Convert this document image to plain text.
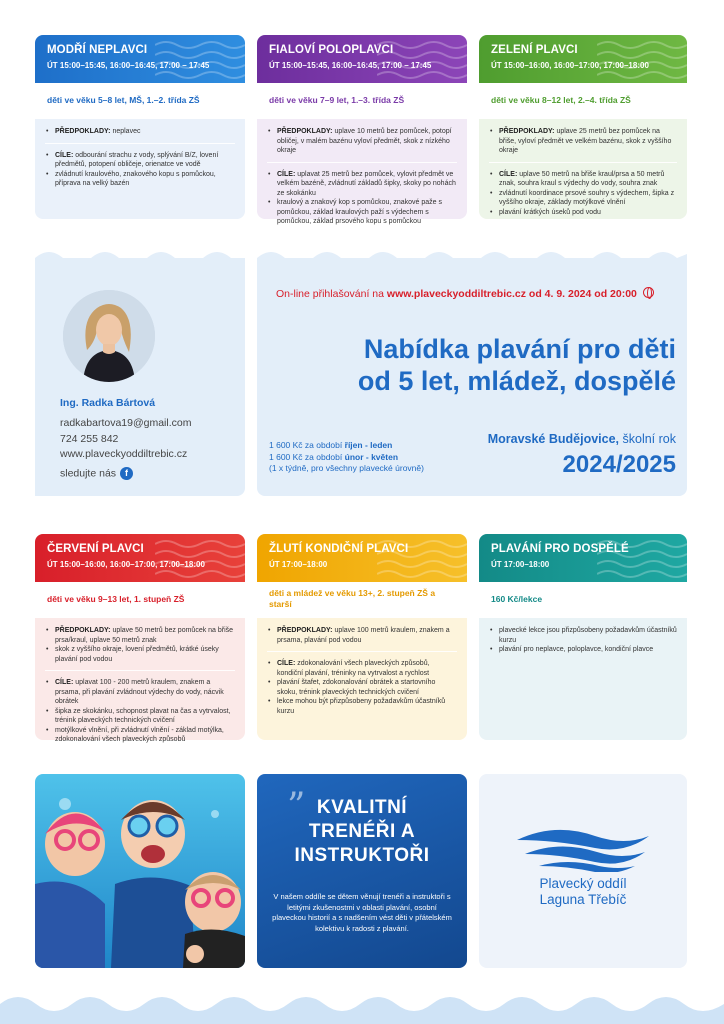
MODŘÍ NEPLAVCI
ÚT 15:00–15:45, 16:00–16:45, 17:00 – 17:45
děti ve věku 5–8 let, MŠ, 1.–2. třída ZŠ
• PŘEDPOKLADY: neplavec
• CÍLE: odbourání strachu z vody, splývání B/Z, lovení předmětů, potopení obličeje, orienatce ve vodě
• zvládnutí kraulového, znakového kopu s pomůckou, příprava na velký bazén
FIALOVÍ POLOPLAVCI
ÚT 15:00–15:45, 16:00–16:45, 17:00 – 17:45
děti ve věku 7–9 let, 1.–3. třída ZŠ
• PŘEDPOKLADY: uplave 10 metrů bez pomůcek, potopí obličej, v malém bazénu vyloví předmět, skok z nízkého okraje
• CÍLE: uplavat 25 metrů bez pomůcek, vylovit předmět ve velkém bazéně, zvládnutí základů šipky, skoky po nohách ze skokánku
• kraulový a znakový kop s pomůckou, znakové paže s pomůckou, základ kraulových paží s výdechem s pomůckou, základ prsového kopu s pomůckou
ZELENÍ PLAVCI
ÚT 15:00–16:00, 16:00–17:00, 17:00–18:00
děti ve věku 8–12 let, 2.–4. třída ZŠ
• PŘEDPOKLADY: uplave 25 metrů bez pomůcek na břiše, vyloví předmět ve velkém bazénu, skok z vyššího okraje
• CÍLE: uplave 50 metrů na břiše kraul/prsa a 50 metrů znak, souhra kraul s výdechy do vody, souhra znak
• zvládnutí koordinace prsové souhry s výdechem, šipka z vyššího okraje, základy motýlkové vlnění
• plavání krátkých úseků pod vodu
Ing. Radka Bártová
radkabartova19@gmail.com
724 255 842
www.plaveckyoddiltrebic.cz
sledujte nás f
On-line přihlašování na www.plaveckyoddiltrebic.cz od 4. 9. 2024 od 20:00
Nabídka plavání pro děti
od 5 let, mládež, dospělé
1 600 Kč za období říjen - leden
1 600 Kč za období únor - květen
(1 x týdně, pro všechny plavecké úrovně)
Moravské Budějovice, školní rok
2024/2025
ČERVENÍ PLAVCI
ÚT 15:00–16:00, 16:00–17:00, 17:00–18:00
děti ve věku 9–13 let, 1. stupeň ZŠ
• PŘEDPOKLADY: uplave 50 metrů bez pomůcek na břiše prsa/kraul, uplave 50 metrů znak
• skok z vyššího okraje, lovení předmětů, krátké úseky plavání pod vodou
• CÍLE: uplavat 100 - 200 metrů kraulem, znakem a prsama, při plavání zvládnout výdechy do vody, nácvik obrátek
• šipka ze skokánku, schopnost plavat na čas a vytrvalost, trénink plaveckých technických cvičení
• motýlkové vlnění, při zvládnutí vlnění - základ motýlka, zdokonalování všech plaveckých způsobů
ŽLUTÍ KONDIČNÍ PLAVCI
ÚT 17:00–18:00
děti a mládež ve věku 13+, 2. stupeň ZŠ a starší
• PŘEDPOKLADY: uplave 100 metrů kraulem, znakem a prsama, plavání pod vodou
• CÍLE: zdokonalování všech plaveckých způsobů, kondiční plavání, tréninky na vytrvalost a rychlost
• plavání štafet, zdokonalování obrátek a startovního skoku, trénink plaveckých technických cvičení
• lekce mohou být přizpůsobeny požadavkům účastníků kurzu
PLAVÁNÍ PRO DOSPĚLÉ
ÚT 17:00–18:00
160 Kč/lekce
• plavecké lekce jsou přizpůsobeny požadavkům účastníků kurzu
• plavání pro neplavce, poloplavce, kondiční plavce
” KVALITNÍ
TRENÉŘI A
INSTRUKTOŘI
V našem oddíle se dětem věnují trenéři a instruktoři s letitými zkušenostmi v oblasti plavání, osobní plaveckou historií a s nadšením vést děti v přátelském kolektivu k radosti z plavání.
Plavecký oddíl
Laguna Třebíč
